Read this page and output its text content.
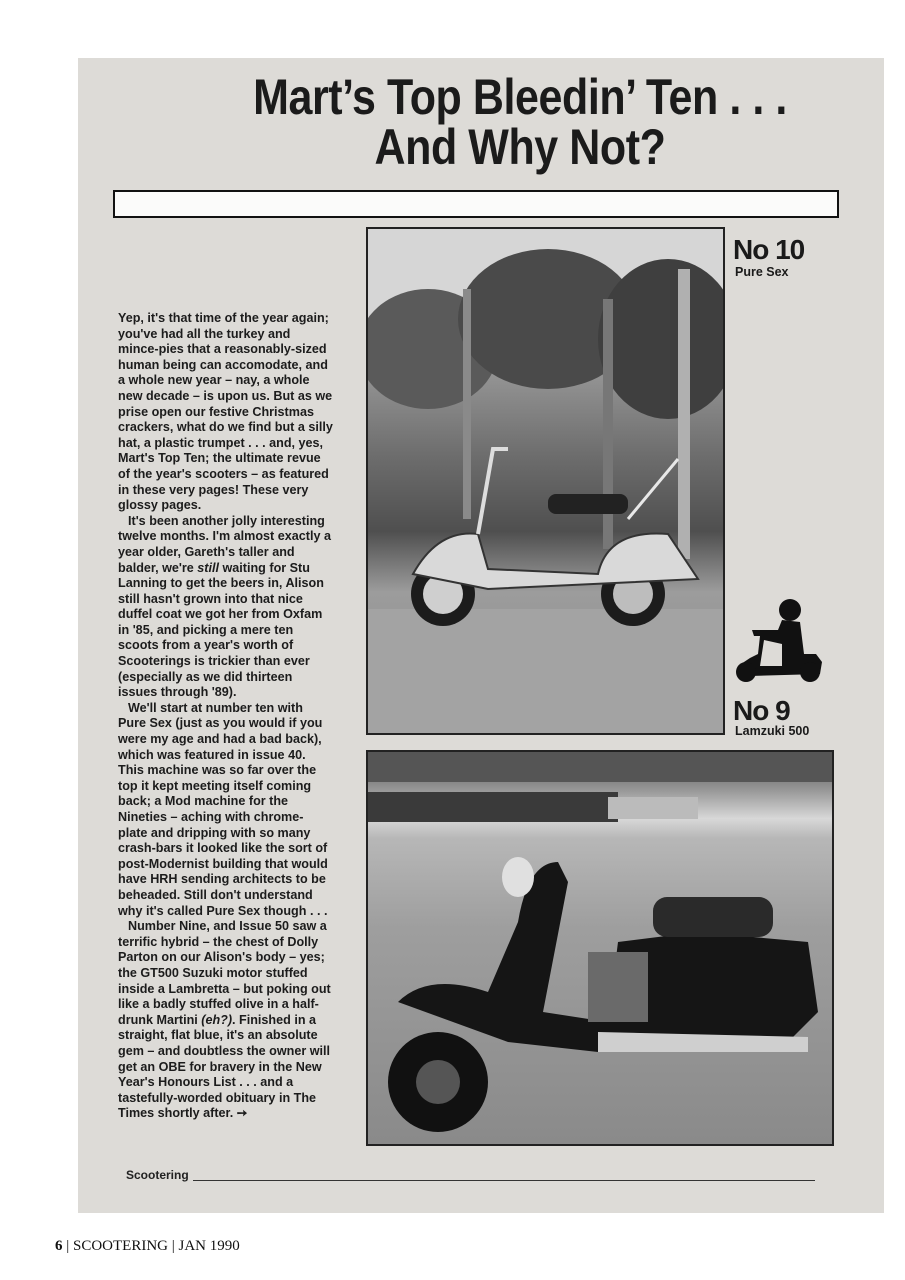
Mart’s Top Bleedin’ Ten . . .
And Why Not?
Yep, it's that time of the year again;
you've had all the turkey and
mince-pies that a reasonably-sized
human being can accomodate, and
a whole new year – nay, a whole
new decade – is upon us. But as we
prise open our festive Christmas
crackers, what do we find but a silly
hat, a plastic trumpet . . . and, yes,
Mart's Top Ten; the ultimate revue
of the year's scooters – as featured
in these very pages! These very
glossy pages.
It's been another jolly interesting
twelve months. I'm almost exactly a
year older, Gareth's taller and
balder, we're still waiting for Stu
Lanning to get the beers in, Alison
still hasn't grown into that nice
duffel coat we got her from Oxfam
in '85, and picking a mere ten
scoots from a year's worth of
Scooterings is trickier than ever
(especially as we did thirteen
issues through '89).
We'll start at number ten with
Pure Sex (just as you would if you
were my age and had a bad back),
which was featured in issue 40.
This machine was so far over the
top it kept meeting itself coming
back; a Mod machine for the
Nineties – aching with chrome-
plate and dripping with so many
crash-bars it looked like the sort of
post-Modernist building that would
have HRH sending architects to be
beheaded. Still don't understand
why it's called Pure Sex though . . .
Number Nine, and Issue 50 saw a
terrific hybrid – the chest of Dolly
Parton on our Alison's body – yes;
the GT500 Suzuki motor stuffed
inside a Lambretta – but poking out
like a badly stuffed olive in a half-
drunk Martini (eh?). Finished in a
straight, flat blue, it's an absolute
gem – and doubtless the owner will
get an OBE for bravery in the New
Year's Honours List . . . and a
tastefully-worded obituary in The
Times shortly after. ➙
No 10
Pure Sex
No 9
Lamzuki 500
Scootering
6 | SCOOTERING | JAN 1990
